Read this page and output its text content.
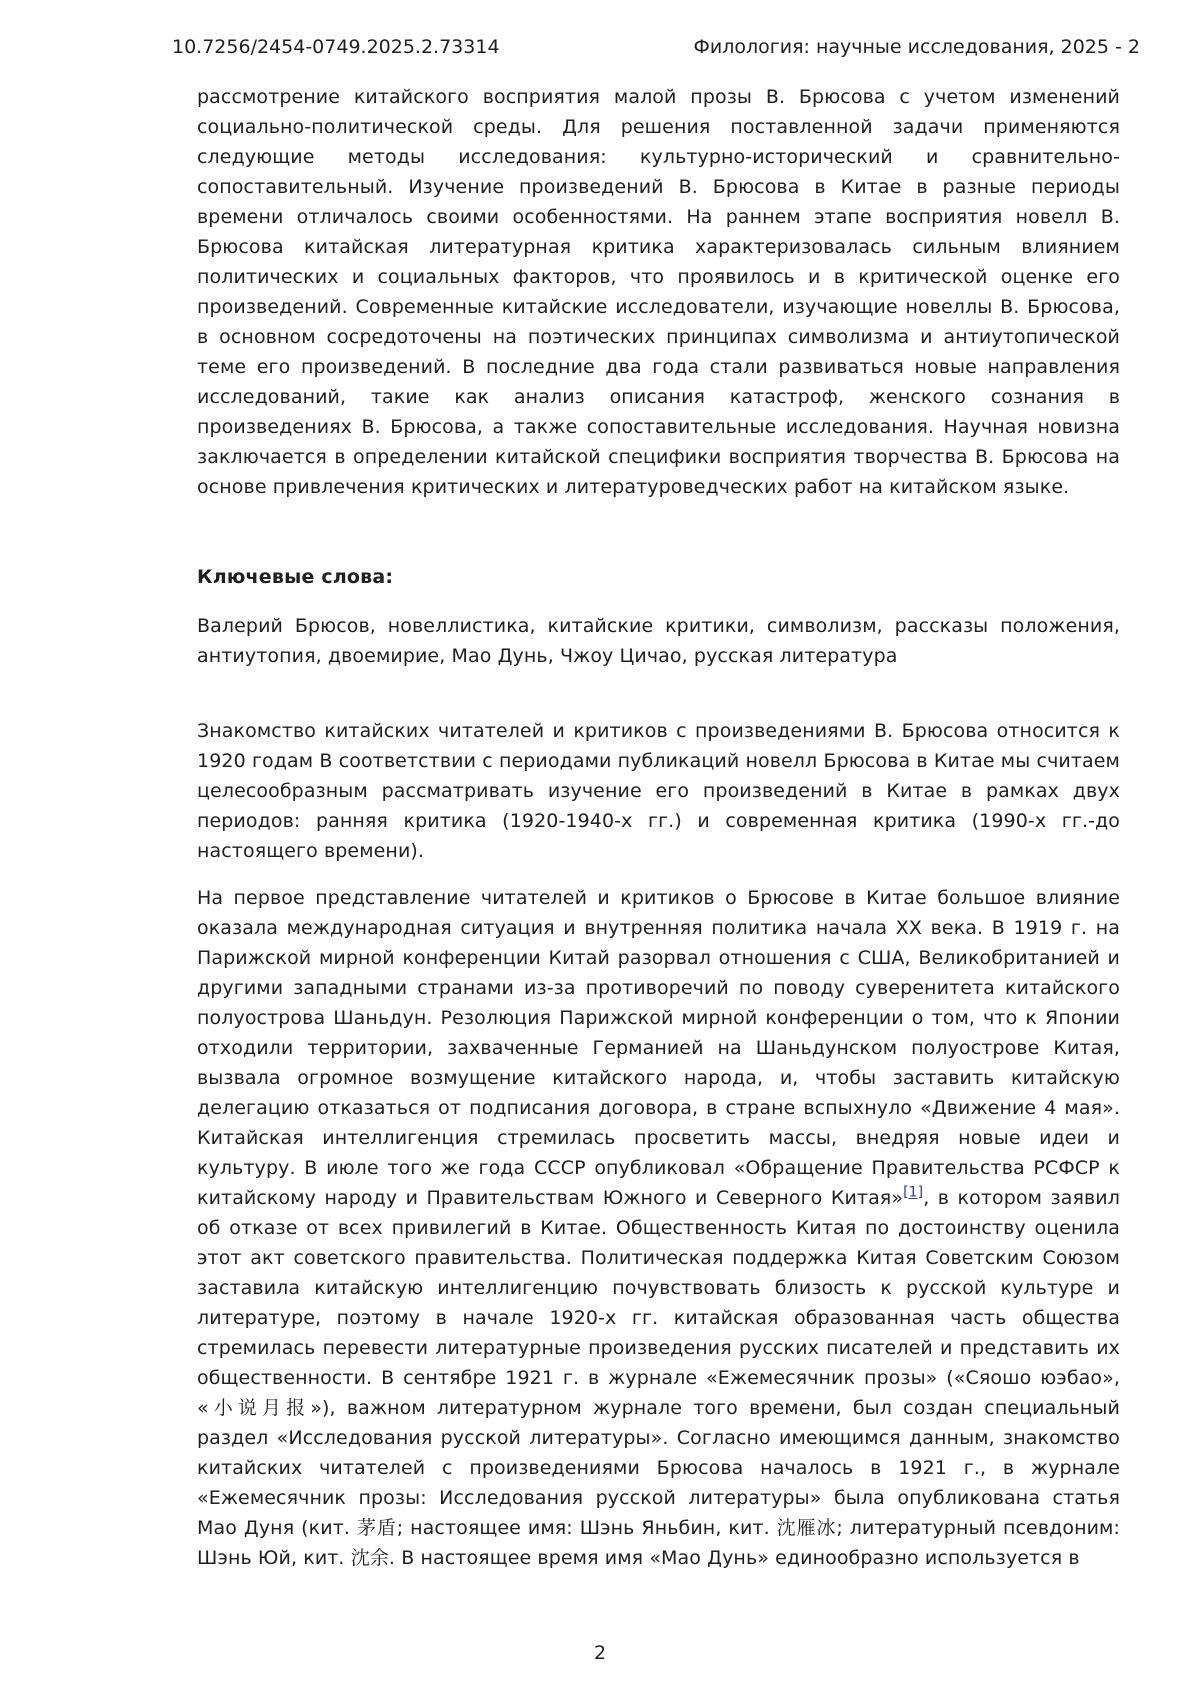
10.7256/2454-0749.2025.2.73314	Филология: научные исследования, 2025 - 2

рассмотрение китайского восприятия малой прозы В. Брюсова с учетом изменений социально-политической среды. Для решения поставленной задачи применяются следующие методы исследования: культурно-исторический и сравнительно-сопоставительный. Изучение произведений В. Брюсова в Китае в разные периоды времени отличалось своими особенностями. На раннем этапе восприятия новелл В. Брюсова китайская литературная критика характеризовалась сильным влиянием политических и социальных факторов, что проявилось и в критической оценке его произведений. Современные китайские исследователи, изучающие новеллы В. Брюсова, в основном сосредоточены на поэтических принципах символизма и антиутопической теме его произведений. В последние два года стали развиваться новые направления исследований, такие как анализ описания катастроф, женского сознания в произведениях В. Брюсова, а также сопоставительные исследования. Научная новизна заключается в определении китайской специфики восприятия творчества В. Брюсова на основе привлечения критических и литературоведческих работ на китайском языке.

Ключевые слова:

Валерий Брюсов, новеллистика, китайские критики, символизм, рассказы положения, антиутопия, двоемирие, Мао Дунь, Чжоу Цичао, русская литература

Знакомство китайских читателей и критиков с произведениями В. Брюсова относится к 1920 годам В соответствии с периодами публикаций новелл Брюсова в Китае мы считаем целесообразным рассматривать изучение его произведений в Китае в рамках двух периодов: ранняя критика (1920-1940-х гг.) и современная критика (1990-х гг.-до настоящего времени).

На первое представление читателей и критиков о Брюсове в Китае большое влияние оказала международная ситуация и внутренняя политика начала XX века. В 1919 г. на Парижской мирной конференции Китай разорвал отношения с США, Великобританией и другими западными странами из-за противоречий по поводу суверенитета китайского полуострова Шаньдун. Резолюция Парижской мирной конференции о том, что к Японии отходили территории, захваченные Германией на Шаньдунском полуострове Китая, вызвала огромное возмущение китайского народа, и, чтобы заставить китайскую делегацию отказаться от подписания договора, в стране вспыхнуло «Движение 4 мая». Китайская интеллигенция стремилась просветить массы, внедряя новые идеи и культуру. В июле того же года СССР опубликовал «Обращение Правительства РСФСР к китайскому народу и Правительствам Южного и Северного Китая»[1], в котором заявил об отказе от всех привилегий в Китае. Общественность Китая по достоинству оценила этот акт советского правительства. Политическая поддержка Китая Советским Союзом заставила китайскую интеллигенцию почувствовать близость к русской культуре и литературе, поэтому в начале 1920-х гг. китайская образованная часть общества стремилась перевести литературные произведения русских писателей и представить их общественности. В сентябре 1921 г. в журнале «Ежемесячник прозы» («Сяошо юэбао», «小说月报»), важном литературном журнале того времени, был создан специальный раздел «Исследования русской литературы». Согласно имеющимся данным, знакомство китайских читателей с произведениями Брюсова началось в 1921 г., в журнале «Ежемесячник прозы: Исследования русской литературы» была опубликована статья Мао Дуня (кит. 茅盾; настоящее имя: Шэнь Яньбин, кит. 沈雁冰; литературный псевдоним: Шэнь Юй, кит. 沈余. В настоящее время имя «Мао Дунь» единообразно используется в

2
